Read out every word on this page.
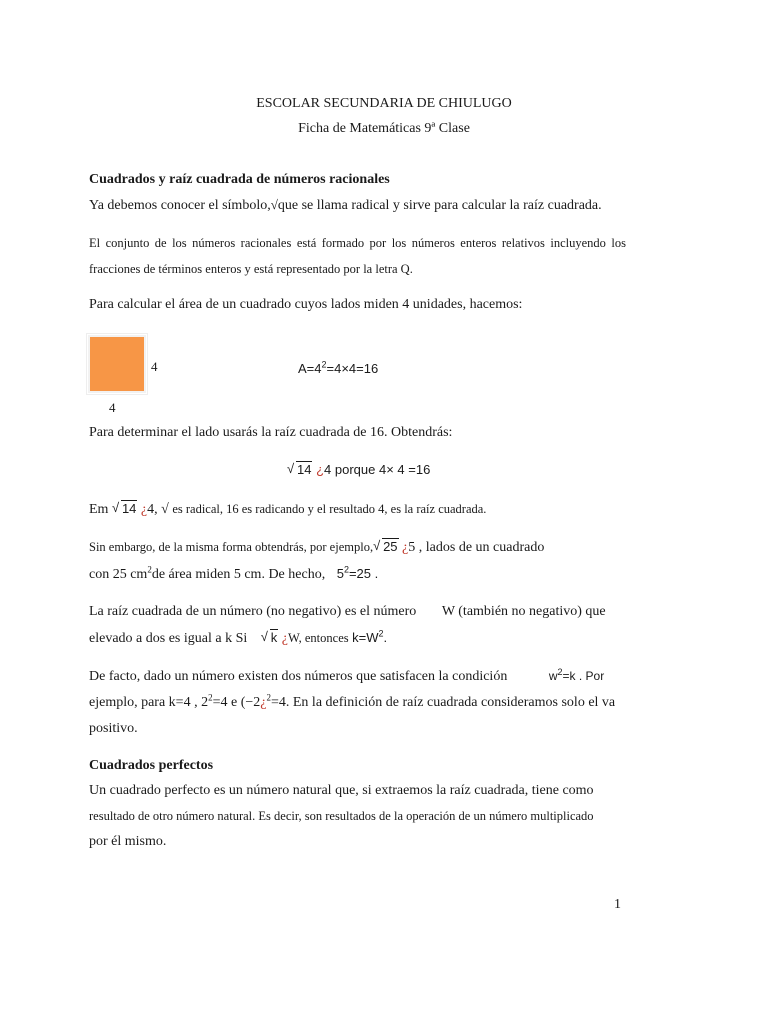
ESCOLAR SECUNDARIA DE CHIULUGO
Ficha de Matemáticas 9ª Clase
Cuadrados y raíz cuadrada de números racionales
Ya debemos conocer el símbolo,√que se llama radical y sirve para calcular la raíz cuadrada.
El conjunto de los números racionales está formado por los números enteros relativos incluyendo los
fracciones de términos enteros y está representado por la letra Q.
Para calcular el área de un cuadrado cuyos lados miden 4 unidades, hacemos:
4
4
$A=4^2=4\times 4=16$
Para determinar el lado usarás la raíz cuadrada de 16. Obtendrás:
√ 14 ¿4 porque 4× 4 =16
Em √ 14 ¿4, √ es radical, 16 es radicando y el resultado 4, es la raíz cuadrada.
Sin embargo, de la misma forma obtendrás, por ejemplo, √ 25 ¿5 , lados de un cuadrado
con 25 $cm^2de$ área miden 5 cm. De hecho, $5^2=25$ .
La raíz cuadrada de un número (no negativo) es el número W (también no negativo) que
elevado a dos es igual a k Si √ k ¿W, entonces $k=W^2$.
De facto, dado un número existen dos números que satisfacen la condición	$w^2=k$ . Por
ejemplo, para k=4 , $2^2=4$ e (−2¿$^2$=4. En la definición de raíz cuadrada consideramos solo el va
positivo.
Cuadrados perfectos
Un cuadrado perfecto es un número natural que, si extraemos la raíz cuadrada, tiene como
resultado de otro número natural. Es decir, son resultados de la operación de un número multiplicado
por él mismo.
1
